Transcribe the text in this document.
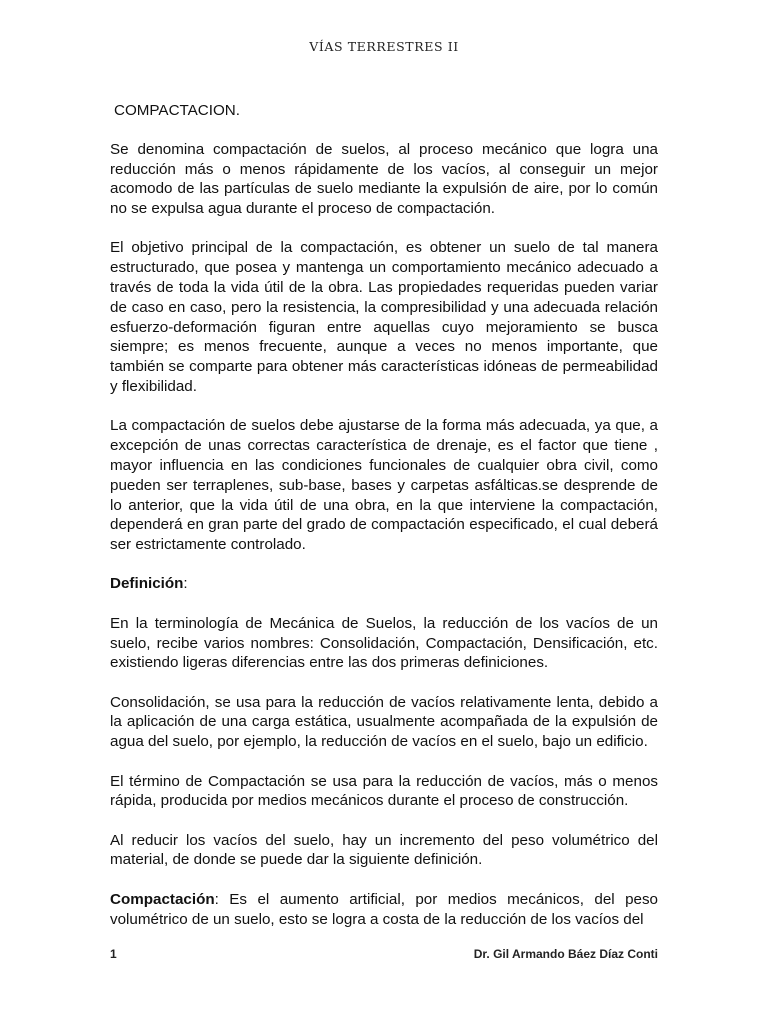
VÍAS TERRESTRES II
COMPACTACION.

Se denomina compactación de suelos, al proceso mecánico que logra una reducción más o menos rápidamente de los vacíos, al conseguir un mejor acomodo de las partículas de suelo mediante la expulsión de aire, por lo común no se expulsa agua durante el proceso de compactación.

El objetivo principal de la compactación, es obtener un suelo de tal manera estructurado, que posea y mantenga un comportamiento mecánico adecuado a través de toda la vida útil de la obra. Las propiedades requeridas pueden variar de caso en caso, pero la resistencia, la compresibilidad y una adecuada relación esfuerzo-deformación figuran entre aquellas cuyo mejoramiento se busca siempre; es menos frecuente, aunque a veces no menos importante, que también se comparte para obtener más características idóneas de permeabilidad y flexibilidad.

La compactación de suelos debe ajustarse de la forma más adecuada, ya que, a excepción de unas correctas característica de drenaje, es el factor que tiene , mayor influencia en las condiciones funcionales de cualquier obra civil, como pueden ser terraplenes, sub-base, bases y carpetas asfálticas.se desprende de lo anterior, que la vida útil de una obra, en la que interviene la compactación, dependerá en gran parte del grado de compactación especificado, el cual deberá ser estrictamente controlado.

Definición:

En la terminología de Mecánica de Suelos, la reducción de los vacíos de un suelo, recibe varios nombres: Consolidación, Compactación, Densificación, etc. existiendo ligeras diferencias entre las dos primeras definiciones.

Consolidación, se usa para la reducción de vacíos relativamente lenta, debido a la aplicación de una carga estática, usualmente acompañada de la expulsión de agua del suelo, por ejemplo, la reducción de vacíos en el suelo, bajo un edificio.

El término de Compactación se usa para la reducción de vacíos, más o menos rápida, producida por medios mecánicos durante el proceso de construcción.

Al reducir los vacíos del suelo, hay un incremento del peso volumétrico del material, de donde se puede dar la siguiente definición.

Compactación: Es el aumento artificial, por medios mecánicos, del peso volumétrico de un suelo, esto se logra a costa de la reducción de los vacíos del

1	Dr. Gil Armando Báez Díaz Conti
